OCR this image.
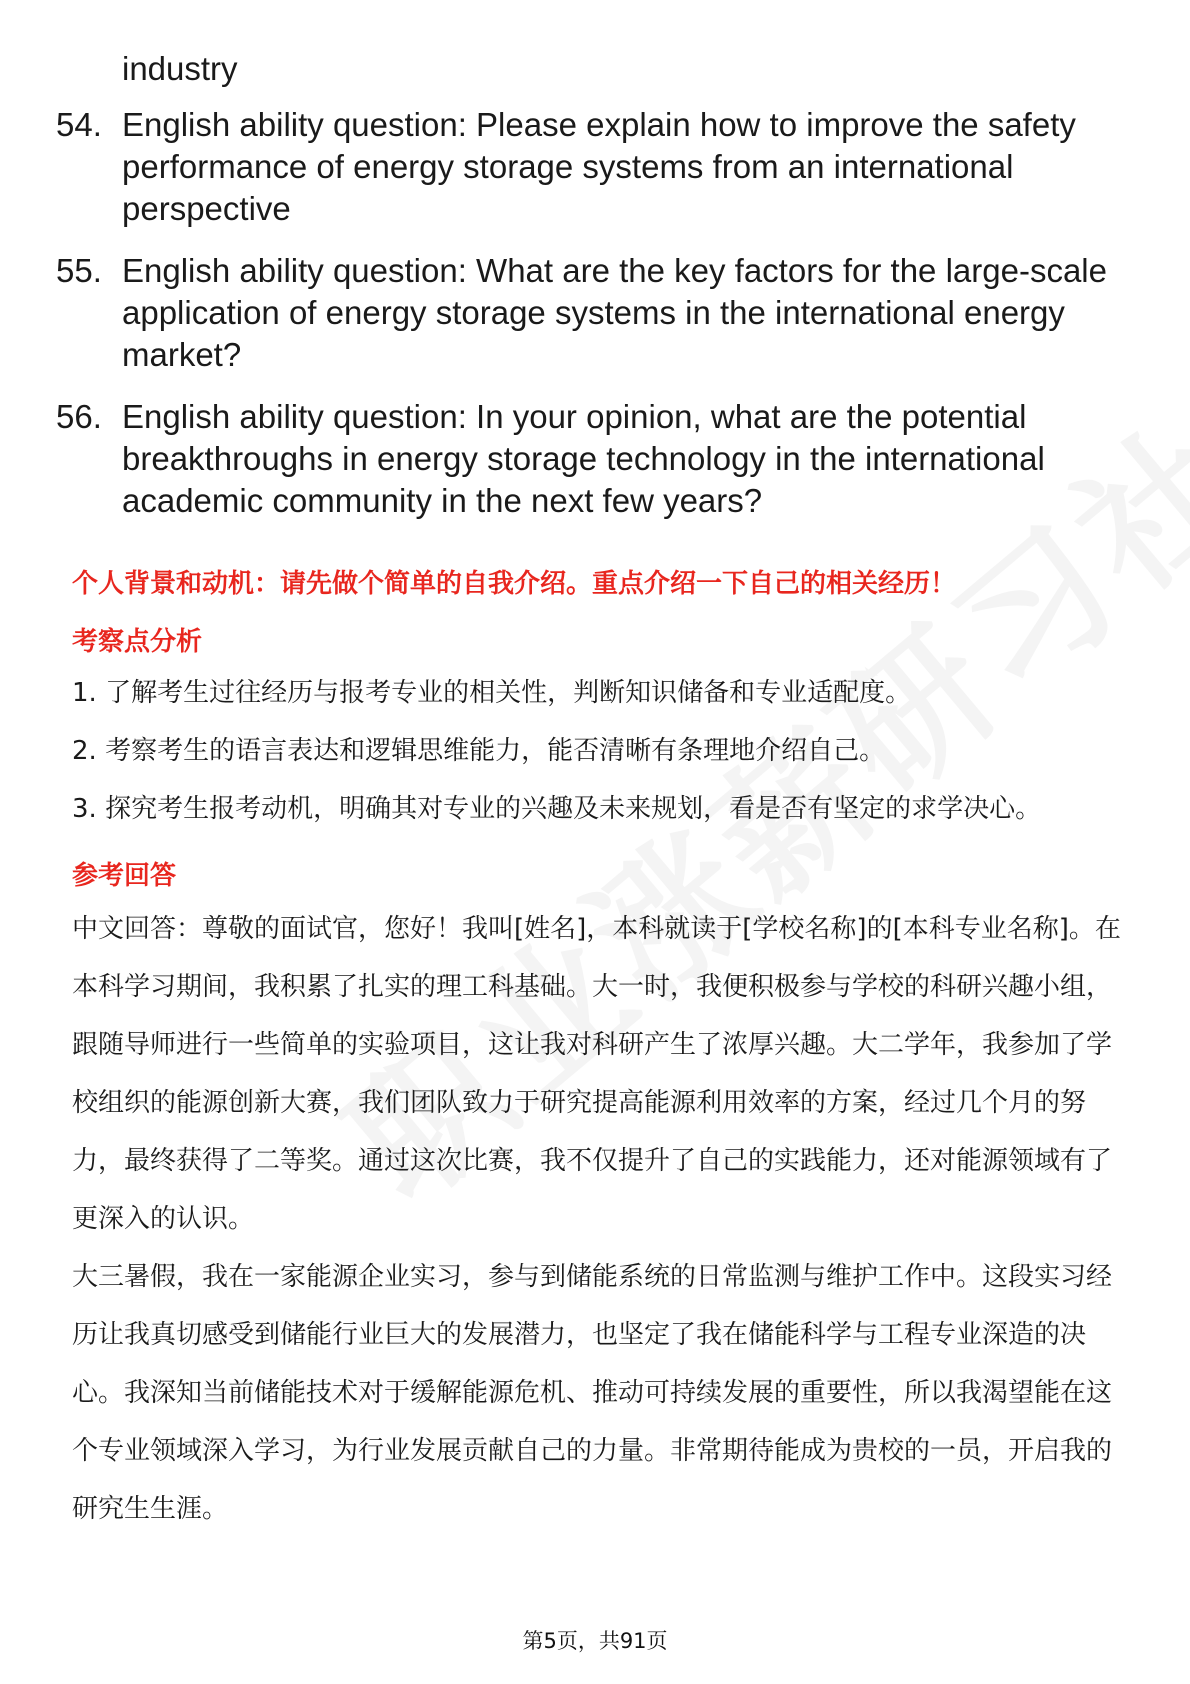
industry
54. English ability question: Please explain how to improve the safety performance of energy storage systems from an international perspective
55. English ability question: What are the key factors for the large-scale application of energy storage systems in the international energy market?
56. English ability question: In your opinion, what are the potential breakthroughs in energy storage technology in the international academic community in the next few years?
个人背景和动机：请先做个简单的自我介绍。重点介绍一下自己的相关经历！
考察点分析
1. 了解考生过往经历与报考专业的相关性，判断知识储备和专业适配度。
2. 考察考生的语言表达和逻辑思维能力，能否清晰有条理地介绍自己。
3. 探究考生报考动机，明确其对专业的兴趣及未来规划，看是否有坚定的求学决心。
参考回答
中文回答：尊敬的面试官，您好！我叫[姓名]，本科就读于[学校名称]的[本科专业名称]。在本科学习期间，我积累了扎实的理工科基础。大一时，我便积极参与学校的科研兴趣小组，跟随导师进行一些简单的实验项目，这让我对科研产生了浓厚兴趣。大二学年，我参加了学校组织的能源创新大赛，我们团队致力于研究提高能源利用效率的方案，经过几个月的努力，最终获得了二等奖。通过这次比赛，我不仅提升了自己的实践能力，还对能源领域有了更深入的认识。
大三暑假，我在一家能源企业实习，参与到储能系统的日常监测与维护工作中。这段实习经历让我真切感受到储能行业巨大的发展潜力，也坚定了我在储能科学与工程专业深造的决心。我深知当前储能技术对于缓解能源危机、推动可持续发展的重要性，所以我渴望能在这个专业领域深入学习，为行业发展贡献自己的力量。非常期待能成为贵校的一员，开启我的研究生生涯。
第5页，共91页
